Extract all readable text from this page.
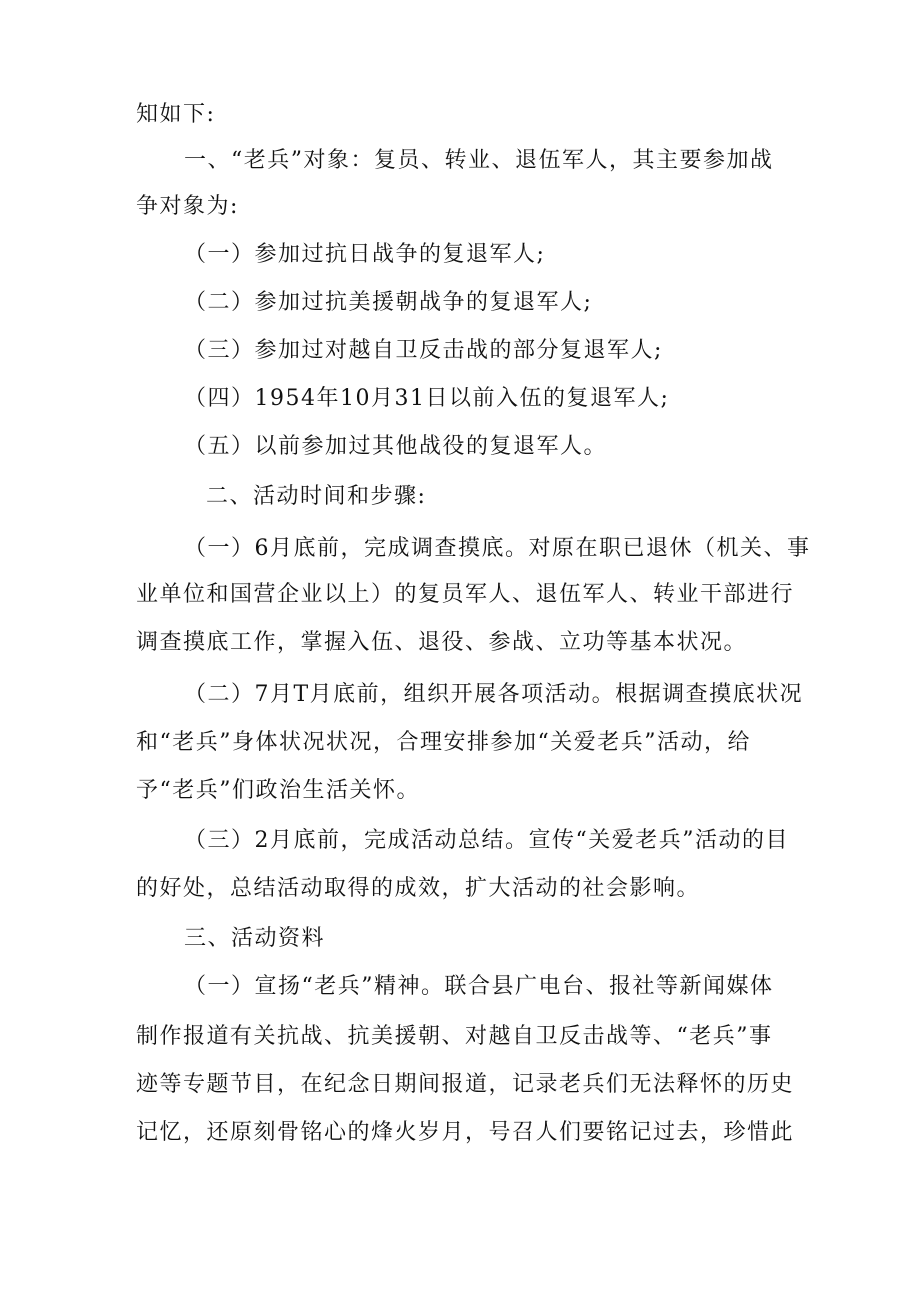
知如下:
一、“老兵”对象：复员、转业、退伍军人，其主要参加战
争对象为:
（一）参加过抗日战争的复退军人;
（二）参加过抗美援朝战争的复退军人;
（三）参加过对越自卫反击战的部分复退军人;
（四）1954年10月31日以前入伍的复退军人;
（五）以前参加过其他战役的复退军人。
二、活动时间和步骤:
（一）6月底前，完成调查摸底。对原在职已退休（机关、事
业单位和国营企业以上）的复员军人、退伍军人、转业干部进行
调查摸底工作，掌握入伍、退役、参战、立功等基本状况。
（二）7月T月底前，组织开展各项活动。根据调查摸底状况
和“老兵”身体状况状况，合理安排参加“关爱老兵”活动，给
予“老兵”们政治生活关怀。
（三）2月底前，完成活动总结。宣传“关爱老兵”活动的目
的好处，总结活动取得的成效，扩大活动的社会影响。
三、活动资料
（一）宣扬“老兵”精神。联合县广电台、报社等新闻媒体
制作报道有关抗战、抗美援朝、对越自卫反击战等、“老兵”事
迹等专题节目，在纪念日期间报道，记录老兵们无法释怀的历史
记忆，还原刻骨铭心的烽火岁月，号召人们要铭记过去，珍惜此
